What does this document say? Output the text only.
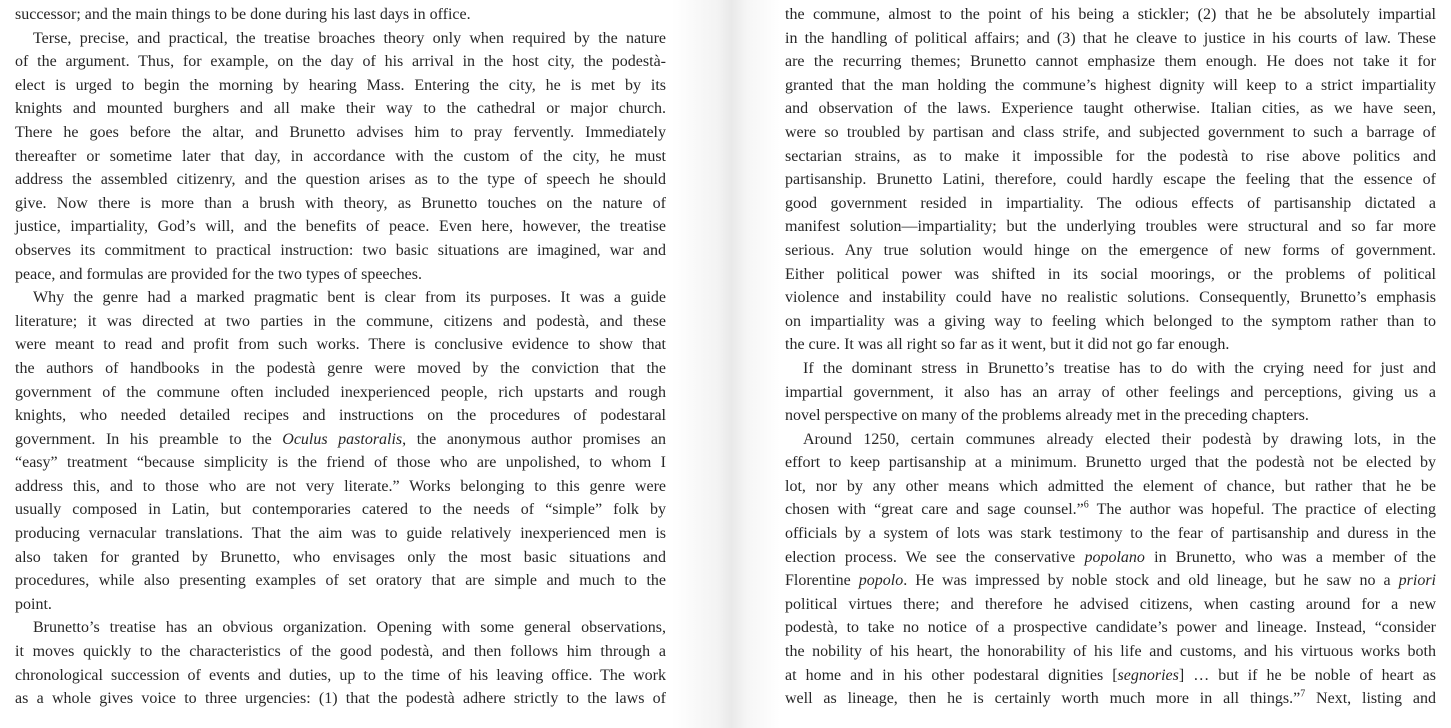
successor; and the main things to be done during his last days in office.
Terse, precise, and practical, the treatise broaches theory only when required by the nature
of the argument. Thus, for example, on the day of his arrival in the host city, the podestà-
elect is urged to begin the morning by hearing Mass. Entering the city, he is met by its
knights and mounted burghers and all make their way to the cathedral or major church.
There he goes before the altar, and Brunetto advises him to pray fervently. Immediately
thereafter or sometime later that day, in accordance with the custom of the city, he must
address the assembled citizenry, and the question arises as to the type of speech he should
give. Now there is more than a brush with theory, as Brunetto touches on the nature of
justice, impartiality, God’s will, and the benefits of peace. Even here, however, the treatise
observes its commitment to practical instruction: two basic situations are imagined, war and
peace, and formulas are provided for the two types of speeches.
Why the genre had a marked pragmatic bent is clear from its purposes. It was a guide
literature; it was directed at two parties in the commune, citizens and podestà, and these
were meant to read and profit from such works. There is conclusive evidence to show that
the authors of handbooks in the podestà genre were moved by the conviction that the
government of the commune often included inexperienced people, rich upstarts and rough
knights, who needed detailed recipes and instructions on the procedures of podestaral
government. In his preamble to the Oculus pastoralis, the anonymous author promises an
“easy” treatment “because simplicity is the friend of those who are unpolished, to whom I
address this, and to those who are not very literate.” Works belonging to this genre were
usually composed in Latin, but contemporaries catered to the needs of “simple” folk by
producing vernacular translations. That the aim was to guide relatively inexperienced men is
also taken for granted by Brunetto, who envisages only the most basic situations and
procedures, while also presenting examples of set oratory that are simple and much to the
point.
Brunetto’s treatise has an obvious organization. Opening with some general observations,
it moves quickly to the characteristics of the good podestà, and then follows him through a
chronological succession of events and duties, up to the time of his leaving office. The work
as a whole gives voice to three urgencies: (1) that the podestà adhere strictly to the laws of
the commune, almost to the point of his being a stickler; (2) that he be absolutely impartial
in the handling of political affairs; and (3) that he cleave to justice in his courts of law. These
are the recurring themes; Brunetto cannot emphasize them enough. He does not take it for
granted that the man holding the commune’s highest dignity will keep to a strict impartiality
and observation of the laws. Experience taught otherwise. Italian cities, as we have seen,
were so troubled by partisan and class strife, and subjected government to such a barrage of
sectarian strains, as to make it impossible for the podestà to rise above politics and
partisanship. Brunetto Latini, therefore, could hardly escape the feeling that the essence of
good government resided in impartiality. The odious effects of partisanship dictated a
manifest solution—impartiality; but the underlying troubles were structural and so far more
serious. Any true solution would hinge on the emergence of new forms of government.
Either political power was shifted in its social moorings, or the problems of political
violence and instability could have no realistic solutions. Consequently, Brunetto’s emphasis
on impartiality was a giving way to feeling which belonged to the symptom rather than to
the cure. It was all right so far as it went, but it did not go far enough.
If the dominant stress in Brunetto’s treatise has to do with the crying need for just and
impartial government, it also has an array of other feelings and perceptions, giving us a
novel perspective on many of the problems already met in the preceding chapters.
Around 1250, certain communes already elected their podestà by drawing lots, in the
effort to keep partisanship at a minimum. Brunetto urged that the podestà not be elected by
lot, nor by any other means which admitted the element of chance, but rather that he be
chosen with “great care and sage counsel.”$^6$ The author was hopeful. The practice of electing
officials by a system of lots was stark testimony to the fear of partisanship and duress in the
election process. We see the conservative popolano in Brunetto, who was a member of the
Florentine popolo. He was impressed by noble stock and old lineage, but he saw no a priori
political virtues there; and therefore he advised citizens, when casting around for a new
podestà, to take no notice of a prospective candidate’s power and lineage. Instead, “consider
the nobility of his heart, the honorability of his life and customs, and his virtuous works both
at home and in his other podestaral dignities [segnories] … but if he be noble of heart as
well as lineage, then he is certainly worth much more in all things.”$^7$ Next, listing and
